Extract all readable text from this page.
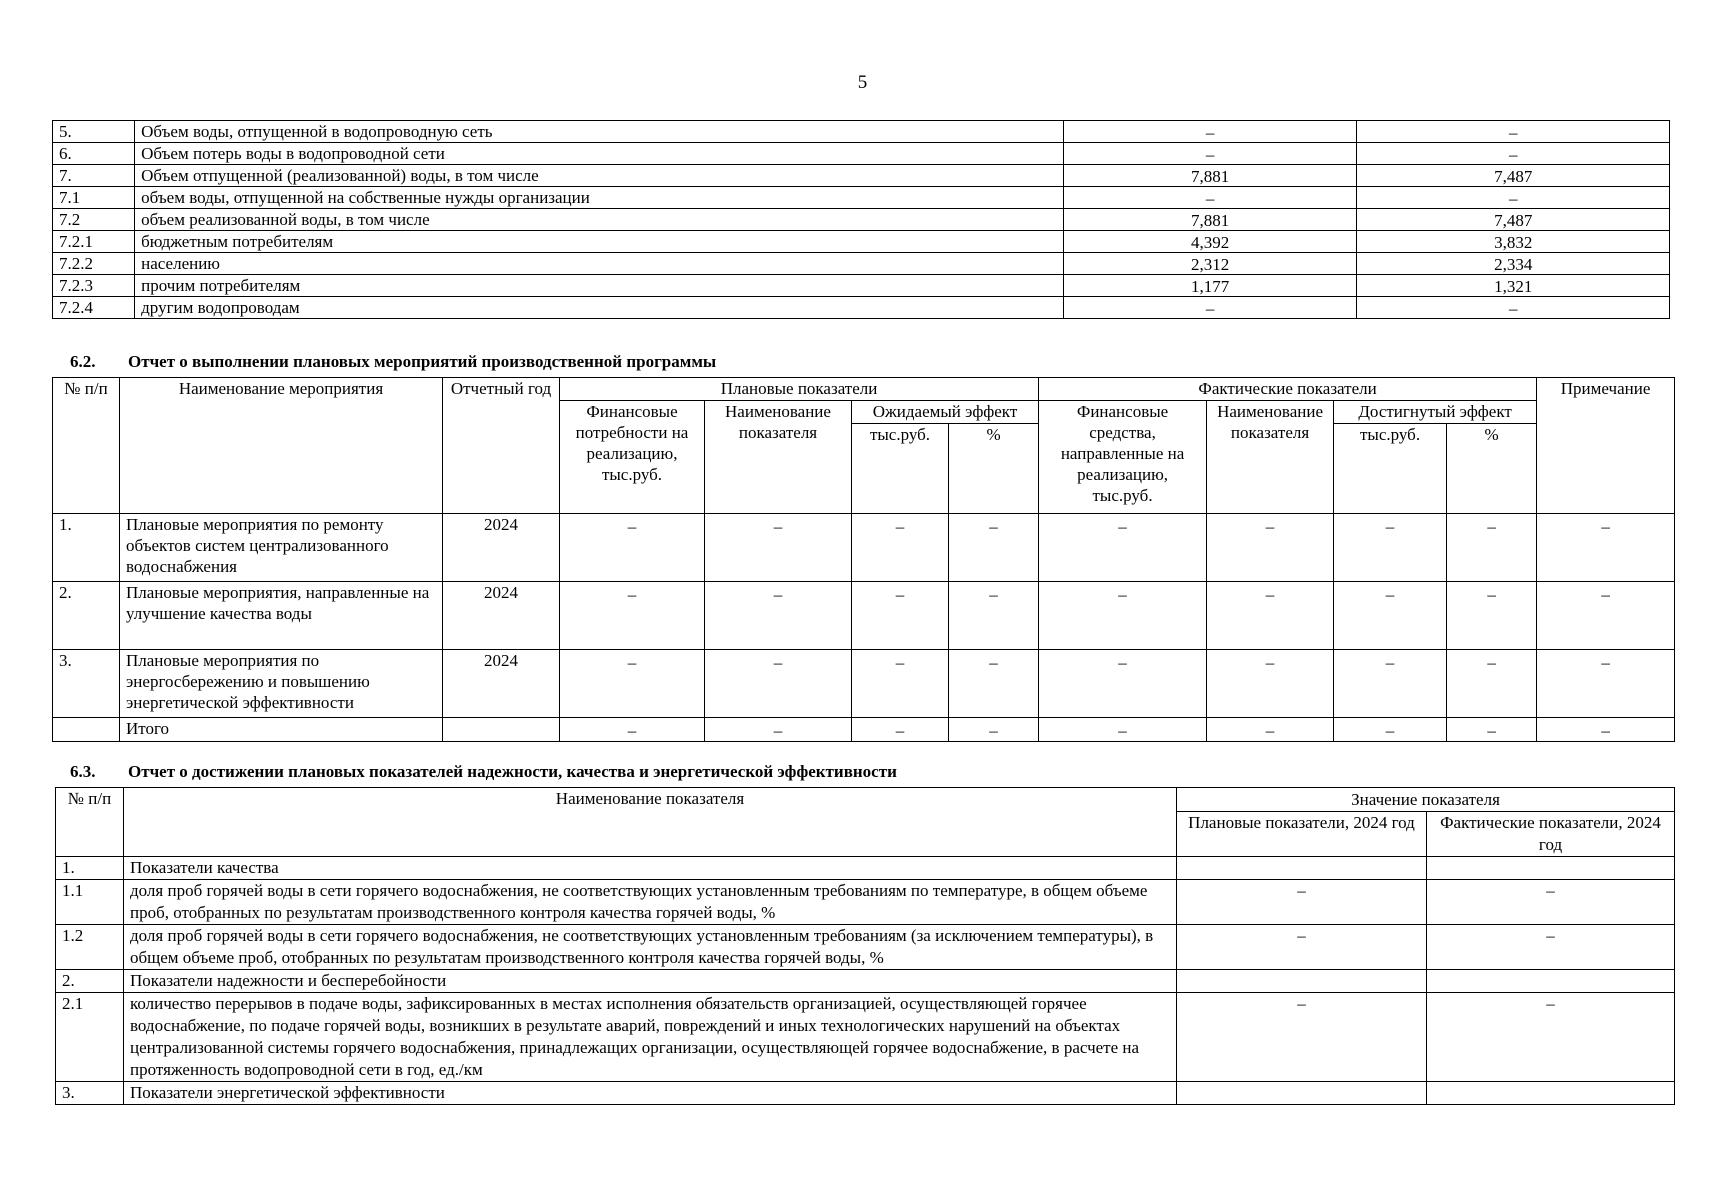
5
5.	Объем воды, отпущенной в водопроводную сеть	–	–
6.	Объем потерь воды в водопроводной сети	–	–
7.	Объем отпущенной (реализованной) воды, в том числе	7,881	7,487
7.1	объем воды, отпущенной на собственные нужды организации	–	–
7.2	объем реализованной воды, в том числе	7,881	7,487
7.2.1	бюджетным потребителям	4,392	3,832
7.2.2	населению	2,312	2,334
7.2.3	прочим потребителям	1,177	1,321
7.2.4	другим водопроводам	–	–
6.2. Отчет о выполнении плановых мероприятий производственной программы
№ п/п	Наименование мероприятия	Отчетный год	Плановые показатели				Фактические показатели				Примечание
			Финансовые потребности на реализацию, тыс.руб.	Наименование показателя	Ожидаемый эффект		Финансовые средства, направленные на реализацию, тыс.руб.	Наименование показателя	Достигнутый эффект		
					тыс.руб.	%			тыс.руб.	%	
1.	Плановые мероприятия по ремонту объектов систем централизованного водоснабжения	2024	–	–	–	–	–	–	–	–	–
2.	Плановые мероприятия, направленные на улучшение качества воды	2024	–	–	–	–	–	–	–	–	–
3.	Плановые мероприятия по энергосбережению и повышению энергетической эффективности	2024	–	–	–	–	–	–	–	–	–
	Итого		–	–	–	–	–	–	–	–	–
6.3. Отчет о достижении плановых показателей надежности, качества и энергетической эффективности
№ п/п	Наименование показателя	Значение показателя	
		Плановые показатели, 2024 год	Фактические показатели, 2024 год
1.	Показатели качества		
1.1	доля проб горячей воды в сети горячего водоснабжения, не соответствующих установленным требованиям по температуре, в общем объеме проб, отобранных по результатам производственного контроля качества горячей воды, %	–	–
1.2	доля проб горячей воды в сети горячего водоснабжения, не соответствующих установленным требованиям (за исключением температуры), в общем объеме проб, отобранных по результатам производственного контроля качества горячей воды, %	–	–
2.	Показатели надежности и бесперебойности		
2.1	количество перерывов в подаче воды, зафиксированных в местах исполнения обязательств организацией, осуществляющей горячее водоснабжение, по подаче горячей воды, возникших в результате аварий, повреждений и иных технологических нарушений на объектах централизованной системы горячего водоснабжения, принадлежащих организации, осуществляющей горячее водоснабжение, в расчете на протяженность водопроводной сети в год, ед./км	–	–
3.	Показатели энергетической эффективности		
